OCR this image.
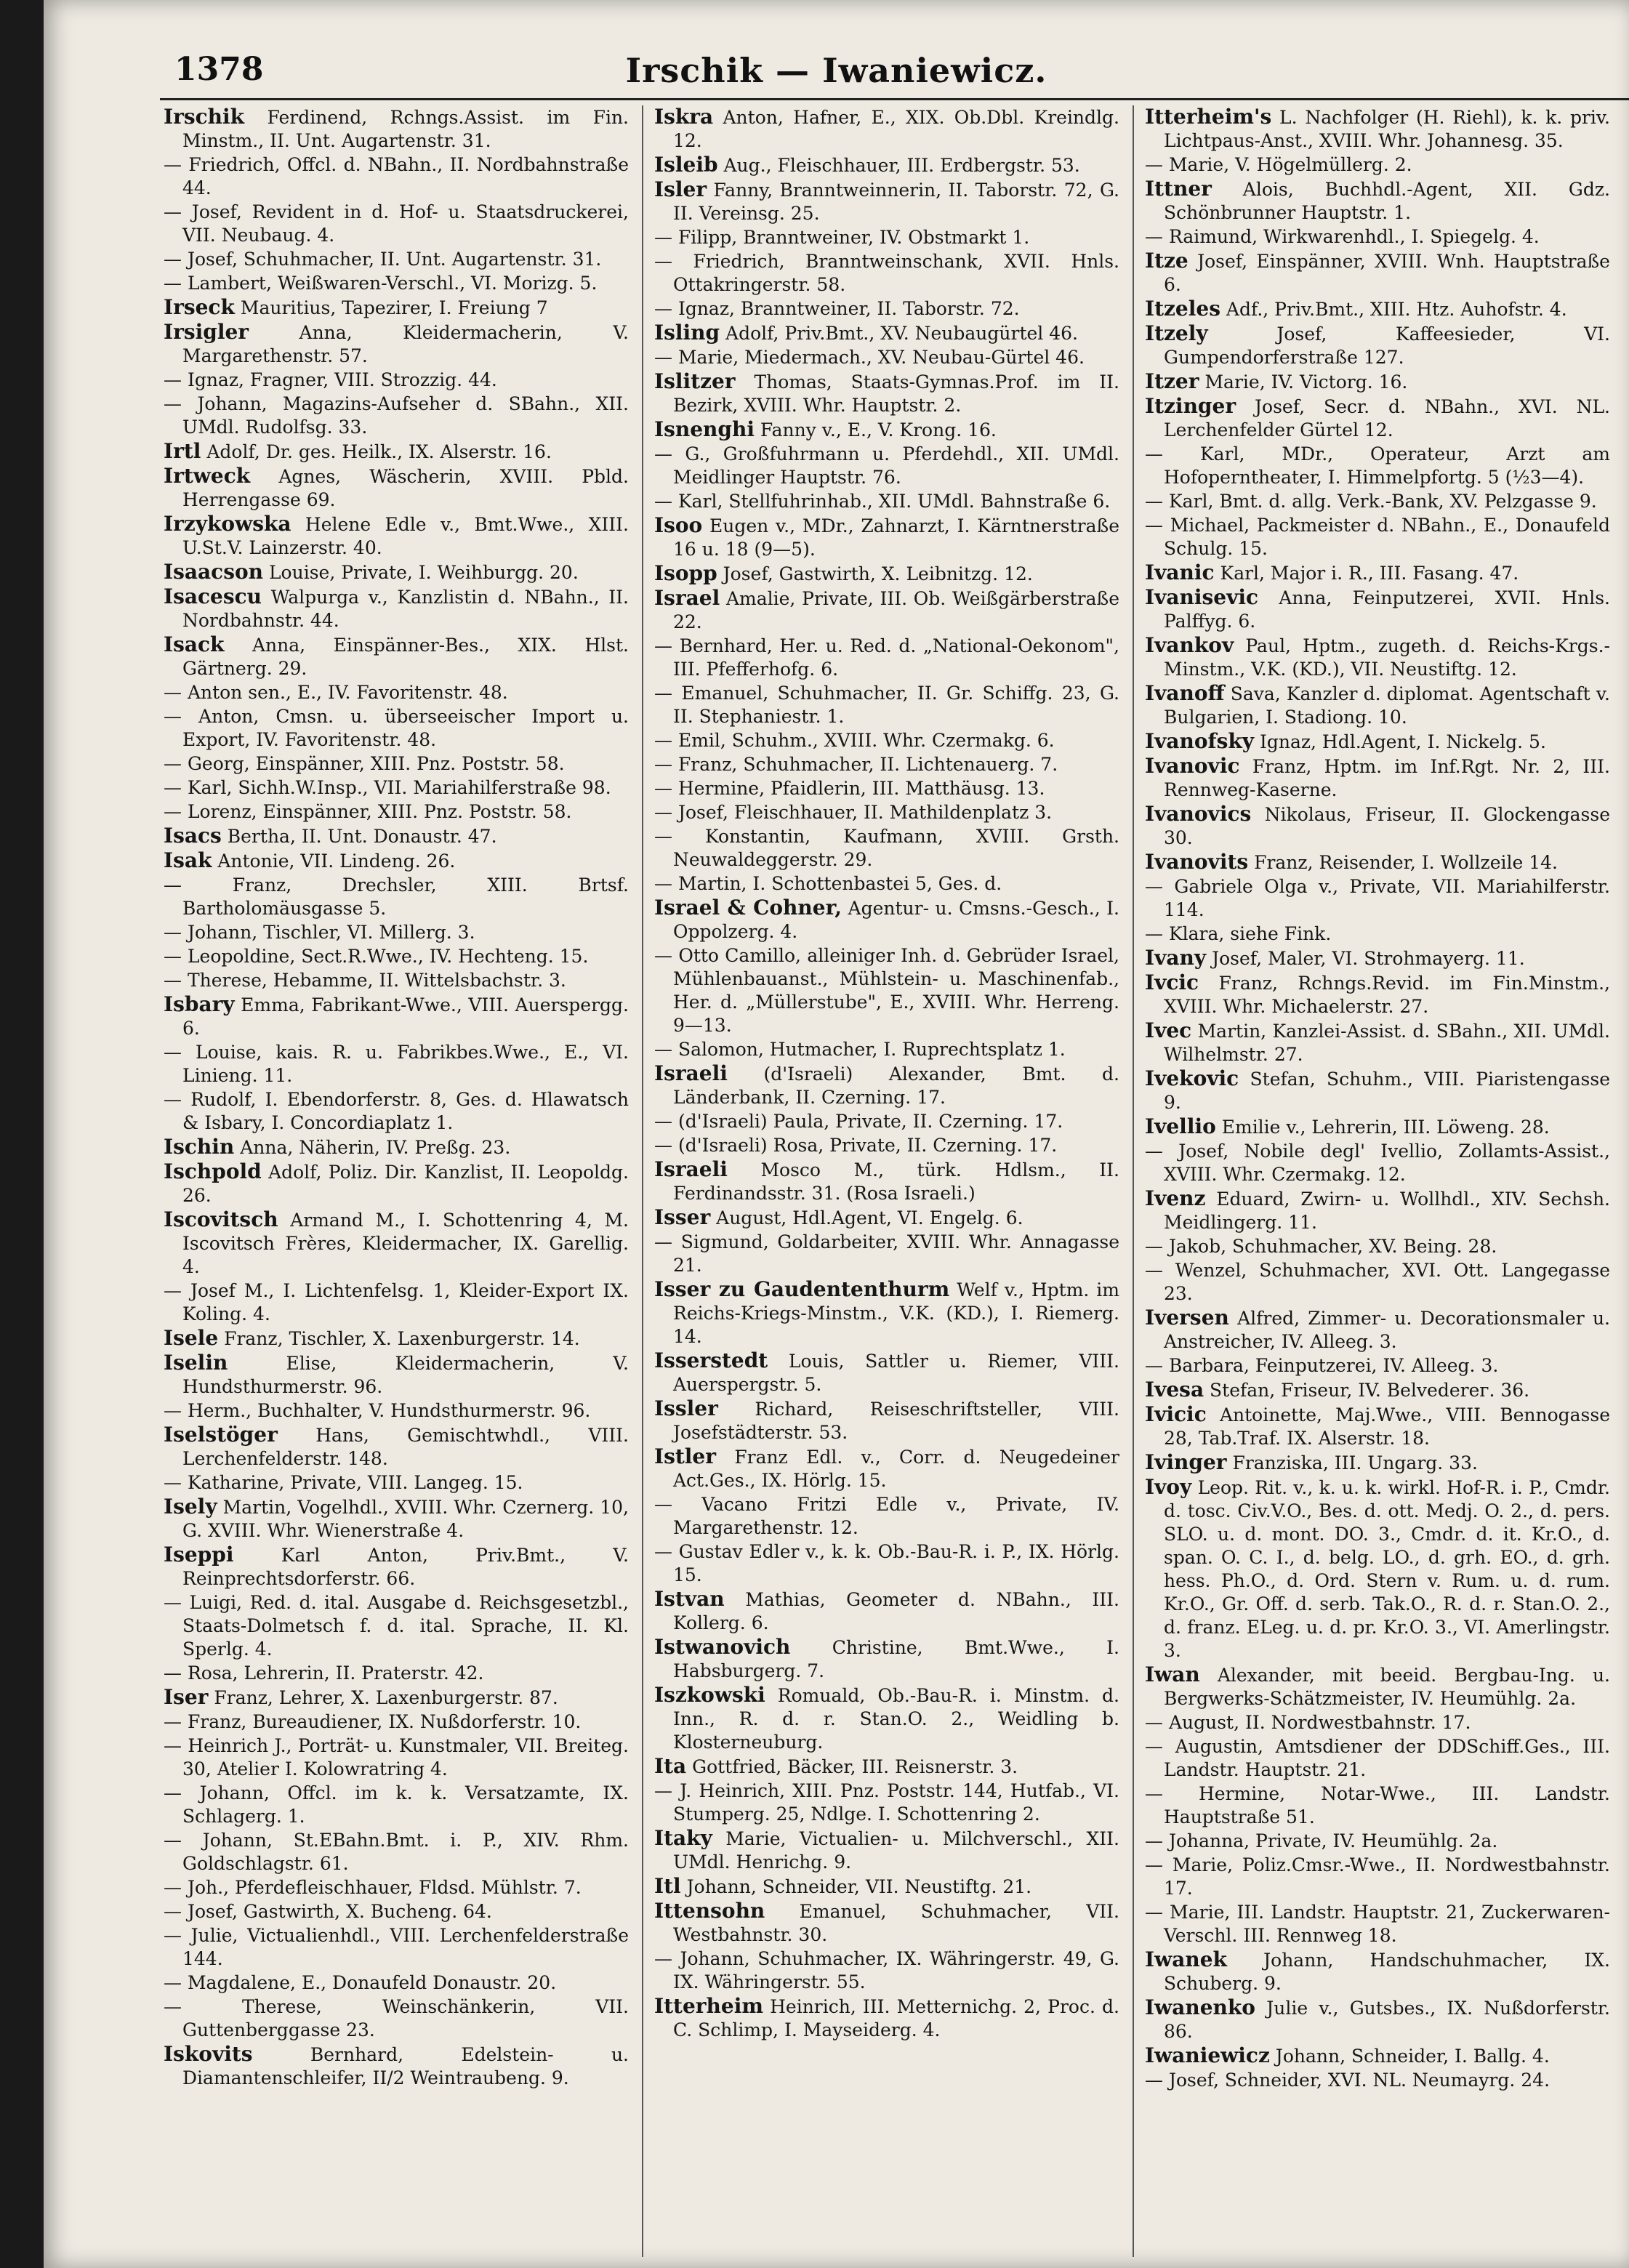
1378	Irschik — Iwaniewicz.

Irschik Ferdinend, Rchngs.Assist. im Fin. Minstm., II. Unt. Augartenstr. 31.

— Friedrich, Offcl. d. NBahn., II. Nordbahnstraße 44.

— Josef, Revident in d. Hof- u. Staatsdruckerei, VII. Neubaug. 4.

— Josef, Schuhmacher, II. Unt. Augartenstr. 31.

— Lambert, Weißwaren-Verschl., VI. Morizg. 5.

Irseck Mauritius, Tapezirer, I. Freiung 7

Irsigler	Anna, Kleidermacherin, V. Margarethenstr. 57.

— Ignaz, Fragner, VIII. Strozzig. 44.

— Johann, Magazins-Aufseher d. SBahn., XII. UMdl. Rudolfsg. 33.

Irtl Adolf, Dr. ges. Heilk., IX. Alserstr. 16.

Irtweck Agnes, Wäscherin, XVIII. Pbld. Herrengasse 69.

Irzykowska Helene Edle v., Bmt.Wwe., XIII. U.St.V. Lainzerstr. 40.

Isaacson Louise, Private, I. Weihburgg. 20.

Isacescu Walpurga v., Kanzlistin d. NBahn., II. Nordbahnstr. 44.

Isack Anna, Einspänner-Bes., XIX. Hlst. Gärtnerg. 29.

— Anton sen., E., IV. Favoritenstr. 48.

— Anton, Cmsn. u. überseeischer Import u. Export, IV. Favoritenstr. 48.

— Georg, Einspänner, XIII. Pnz. Poststr. 58.

— Karl, Sichh.W.Insp., VII. Mariahilferstraße 98.

— Lorenz, Einspänner, XIII. Pnz. Poststr. 58.

Isacs Bertha, II. Unt. Donaustr. 47.

Isak Antonie, VII. Lindeng. 26.

— Franz, Drechsler, XIII. Brtsf. Bartholomäusgasse 5.

— Johann, Tischler, VI. Millerg. 3.

— Leopoldine, Sect.R.Wwe., IV. Hechteng. 15.

— Therese, Hebamme, II. Wittelsbachstr. 3.

Isbary Emma, Fabrikant-Wwe., VIII. Auerspergg. 6.

— Louise, kais. R. u. Fabrikbes.Wwe., E., VI. Linieng. 11.

— Rudolf, I. Ebendorferstr. 8, Ges. d. Hlawatsch & Isbary, I. Concordiaplatz 1.

Ischin Anna, Näherin, IV. Preßg. 23.

Ischpold Adolf, Poliz. Dir. Kanzlist, II. Leopoldg. 26.

Iscovitsch Armand M., I. Schottenring 4, M. Iscovitsch Frères, Kleidermacher, IX. Garellig. 4.

— Josef M., I. Lichtenfelsg. 1, Kleider-Export IX. Koling. 4.

Isele Franz, Tischler, X. Laxenburgerstr. 14.

Iselin	Elise, Kleidermacherin, V. Hundsthurmerstr. 96.

— Herm., Buchhalter, V. Hundsthurmerstr. 96.

Iselstöger Hans, Gemischtwhdl., VIII. Lerchenfelderstr. 148.

— Katharine, Private, VIII. Langeg. 15.

Isely Martin, Vogelhdl., XVIII. Whr. Czernerg. 10, G. XVIII. Whr. Wienerstraße 4.

Iseppi	Karl Anton, Priv.Bmt., V. Reinprechtsdorferstr. 66.

— Luigi, Red. d. ital. Ausgabe d. Reichsgesetzbl., Staats-Dolmetsch f. d. ital. Sprache, II. Kl. Sperlg. 4.

— Rosa, Lehrerin, II. Praterstr. 42.

Iser Franz, Lehrer, X. Laxenburgerstr. 87.

— Franz, Bureaudiener, IX. Nußdorferstr. 10.

— Heinrich J., Porträt- u. Kunstmaler, VII. Breiteg. 30, Atelier I. Kolowratring 4.

— Johann, Offcl. im k. k. Versatzamte, IX. Schlagerg. 1.

— Johann, St.EBahn.Bmt. i. P., XIV. Rhm. Goldschlagstr. 61.

— Joh., Pferdefleischhauer, Fldsd. Mühlstr. 7.

— Josef, Gastwirth, X. Bucheng. 64.

— Julie, Victualienhdl., VIII. Lerchenfelderstraße 144.

— Magdalene, E., Donaufeld Donaustr. 20.

— Therese, Weinschänkerin, VII. Guttenberggasse 23.

Iskovits	Bernhard, Edelstein- u. Diamantenschleifer, II/2 Weintraubeng. 9.

Iskra Anton, Hafner, E., XIX. Ob.Dbl. Kreindlg. 12.

Isleib Aug., Fleischhauer, III. Erdbergstr. 53.

Isler Fanny, Branntweinnerin, II. Taborstr. 72, G. II. Vereinsg. 25.

— Filipp, Branntweiner, IV. Obstmarkt 1.

— Friedrich, Branntweinschank, XVII. Hnls. Ottakringerstr. 58.

— Ignaz, Branntweiner, II. Taborstr. 72.

Isling Adolf, Priv.Bmt., XV. Neubaugürtel 46.

— Marie, Miedermach., XV. Neubau-Gürtel 46.

Islitzer Thomas, Staats-Gymnas.Prof. im II. Bezirk, XVIII. Whr. Hauptstr. 2.

Isnenghi Fanny v., E., V. Krong. 16.

— G., Großfuhrmann u. Pferdehdl., XII. UMdl. Meidlinger Hauptstr. 76.

— Karl, Stellfuhrinhab., XII. UMdl. Bahnstraße 6.

Isoo Eugen v., MDr., Zahnarzt, I. Kärntnerstraße 16 u. 18 (9—5).

Isopp Josef, Gastwirth, X. Leibnitzg. 12.

Israel Amalie, Private, III. Ob. Weißgärberstraße 22.

— Bernhard, Her. u. Red. d. „National-Oekonom", III. Pfefferhofg. 6.

— Emanuel, Schuhmacher, II. Gr. Schiffg. 23, G. II. Stephaniestr. 1.

— Emil, Schuhm., XVIII. Whr. Czermakg. 6.

— Franz, Schuhmacher, II. Lichtenauerg. 7.

— Hermine, Pfaidlerin, III. Matthäusg. 13.

— Josef, Fleischhauer, II. Mathildenplatz 3.

— Konstantin, Kaufmann, XVIII. Grsth. Neuwaldeggerstr. 29.

— Martin, I. Schottenbastei 5, Ges. d.

Israel & Cohner, Agentur- u. Cmsns.-Gesch., I. Oppolzerg. 4.

— Otto Camillo, alleiniger Inh. d. Gebrüder Israel, Mühlenbauanst., Mühlstein- u. Maschinenfab., Her. d. „Müllerstube", E., XVIII. Whr. Herreng. 9—13.

— Salomon, Hutmacher, I. Ruprechtsplatz 1.

Israeli (d'Israeli) Alexander, Bmt. d. Länderbank, II. Czerning. 17.

— (d'Israeli) Paula, Private, II. Czerning. 17.

— (d'Israeli) Rosa, Private, II. Czerning. 17.

Israeli Mosco M., türk. Hdlsm., II. Ferdinandsstr. 31. (Rosa Israeli.)

Isser August, Hdl.Agent, VI. Engelg. 6.

— Sigmund, Goldarbeiter, XVIII. Whr. Annagasse 21.

Isser zu Gaudententhurm Welf v., Hptm. im Reichs-Kriegs-Minstm., V.K. (KD.), I. Riemerg. 14.

Isserstedt Louis, Sattler u. Riemer, VIII. Auerspergstr. 5.

Issler Richard, Reiseschriftsteller, VIII. Josefstädterstr. 53.

Istler Franz Edl. v., Corr. d. Neugedeiner Act.Ges., IX. Hörlg. 15.

— Vacano Fritzi Edle v., Private, IV. Margarethenstr. 12.

— Gustav Edler v., k. k. Ob.-Bau-R. i. P., IX. Hörlg. 15.

Istvan Mathias, Geometer d. NBahn., III. Kollerg. 6.

Istwanovich Christine, Bmt.Wwe., I. Habsburgerg. 7.

Iszkowski Romuald, Ob.-Bau-R. i. Minstm. d. Inn., R. d. r. Stan.O. 2., Weidling b. Klosterneuburg.

Ita Gottfried, Bäcker, III. Reisnerstr. 3.

— J. Heinrich, XIII. Pnz. Poststr. 144, Hutfab., VI. Stumperg. 25, Ndlge. I. Schottenring 2.

Itaky Marie, Victualien- u. Milchverschl., XII. UMdl. Henrichg. 9.

Itl Johann, Schneider, VII. Neustiftg. 21.

Ittensohn Emanuel, Schuhmacher, VII. Westbahnstr. 30.

— Johann, Schuhmacher, IX. Währingerstr. 49, G. IX. Währingerstr. 55.

Itterheim Heinrich, III. Metternichg. 2, Proc. d. C. Schlimp, I. Mayseiderg. 4.

Itterheim's L. Nachfolger (H. Riehl), k. k. priv. Lichtpaus-Anst., XVIII. Whr. Johannesg. 35.

— Marie, V. Högelmüllerg. 2.

Ittner Alois, Buchhdl.-Agent, XII. Gdz. Schönbrunner Hauptstr. 1.

— Raimund, Wirkwarenhdl., I. Spiegelg. 4.

Itze Josef, Einspänner, XVIII. Wnh. Hauptstraße 6.

Itzeles Adf., Priv.Bmt., XIII. Htz. Auhofstr. 4.

Itzely	Josef, Kaffeesieder, VI. Gumpendorferstraße 127.

Itzer Marie, IV. Victorg. 16.

Itzinger Josef, Secr. d. NBahn., XVI. NL. Lerchenfelder Gürtel 12.

— Karl, MDr., Operateur, Arzt am Hofoperntheater, I. Himmelpfortg. 5 (½3—4).

— Karl, Bmt. d. allg. Verk.-Bank, XV. Pelzgasse 9.

— Michael, Packmeister d. NBahn., E., Donaufeld Schulg. 15.

Ivanic Karl, Major i. R., III. Fasang. 47.

Ivanisevic Anna, Feinputzerei, XVII. Hnls. Palffyg. 6.

Ivankov Paul, Hptm., zugeth. d. Reichs-Krgs.-Minstm., V.K. (KD.), VII. Neustiftg. 12.

Ivanoff Sava, Kanzler d. diplomat. Agentschaft v. Bulgarien, I. Stadiong. 10.

Ivanofsky Ignaz, Hdl.Agent, I. Nickelg. 5.

Ivanovic Franz, Hptm. im Inf.Rgt. Nr. 2, III. Rennweg-Kaserne.

Ivanovics Nikolaus, Friseur, II. Glockengasse 30.

Ivanovits Franz, Reisender, I. Wollzeile 14.

— Gabriele Olga v., Private, VII. Mariahilferstr. 114.

— Klara, siehe Fink.

Ivany Josef, Maler, VI. Strohmayerg. 11.

Ivcic Franz, Rchngs.Revid. im Fin.Minstm., XVIII. Whr. Michaelerstr. 27.

Ivec Martin, Kanzlei-Assist. d. SBahn., XII. UMdl. Wilhelmstr. 27.

Ivekovic Stefan, Schuhm., VIII. Piaristengasse 9.

Ivellio Emilie v., Lehrerin, III. Löweng. 28.

— Josef, Nobile degl' Ivellio, Zollamts-Assist., XVIII. Whr. Czermakg. 12.

Ivenz Eduard, Zwirn- u. Wollhdl., XIV. Sechsh. Meidlingerg. 11.

— Jakob, Schuhmacher, XV. Being. 28.

— Wenzel, Schuhmacher, XVI. Ott. Langegasse 23.

Iversen Alfred, Zimmer- u. Decorationsmaler u. Anstreicher, IV. Alleeg. 3.

— Barbara, Feinputzerei, IV. Alleeg. 3.

Ivesa Stefan, Friseur, IV. Belvederег. 36.

Ivicic Antoinette, Maj.Wwe., VIII. Bennogasse 28, Tab.Traf. IX. Alserstr. 18.

Ivinger Franziska, III. Ungarg. 33.

Ivoy Leop. Rit. v., k. u. k. wirkl. Hof-R. i. P., Cmdr. d. tosc. Civ.V.O., Bes. d. ott. Medj. O. 2., d. pers. SLO. u. d. mont. DO. 3., Cmdr. d. it. Kr.O., d. span. O. C. I., d. belg. LO., d. grh. EO., d. grh. hess. Ph.O., d. Ord. Stern v. Rum. u. d. rum. Kr.O., Gr. Off. d. serb. Tak.O., R. d. r. Stan.O. 2., d. franz. ELeg. u. d. pr. Kr.O. 3., VI. Amerlingstr. 3.

Iwan Alexander, mit beeid. Bergbau-Ing. u. Bergwerks-Schätzmeister, IV. Heumühlg. 2a.

— August, II. Nordwestbahnstr. 17.

— Augustin, Amtsdiener der DDSchiff.Ges., III. Landstr. Hauptstr. 21.

— Hermine, Notar-Wwe., III. Landstr. Hauptstraße 51.

— Johanna, Private, IV. Heumühlg. 2a.

— Marie, Poliz.Cmsr.-Wwe., II. Nordwestbahnstr. 17.

— Marie, III. Landstr. Hauptstr. 21, Zuckerwaren-Verschl. III. Rennweg 18.

Iwanek Johann, Handschuhmacher, IX. Schuberg. 9.

Iwanenko Julie v., Gutsbes., IX. Nußdorferstr. 86.

Iwaniewicz Johann, Schneider, I. Ballg. 4.

— Josef, Schneider, XVI. NL. Neumayrg. 24.
